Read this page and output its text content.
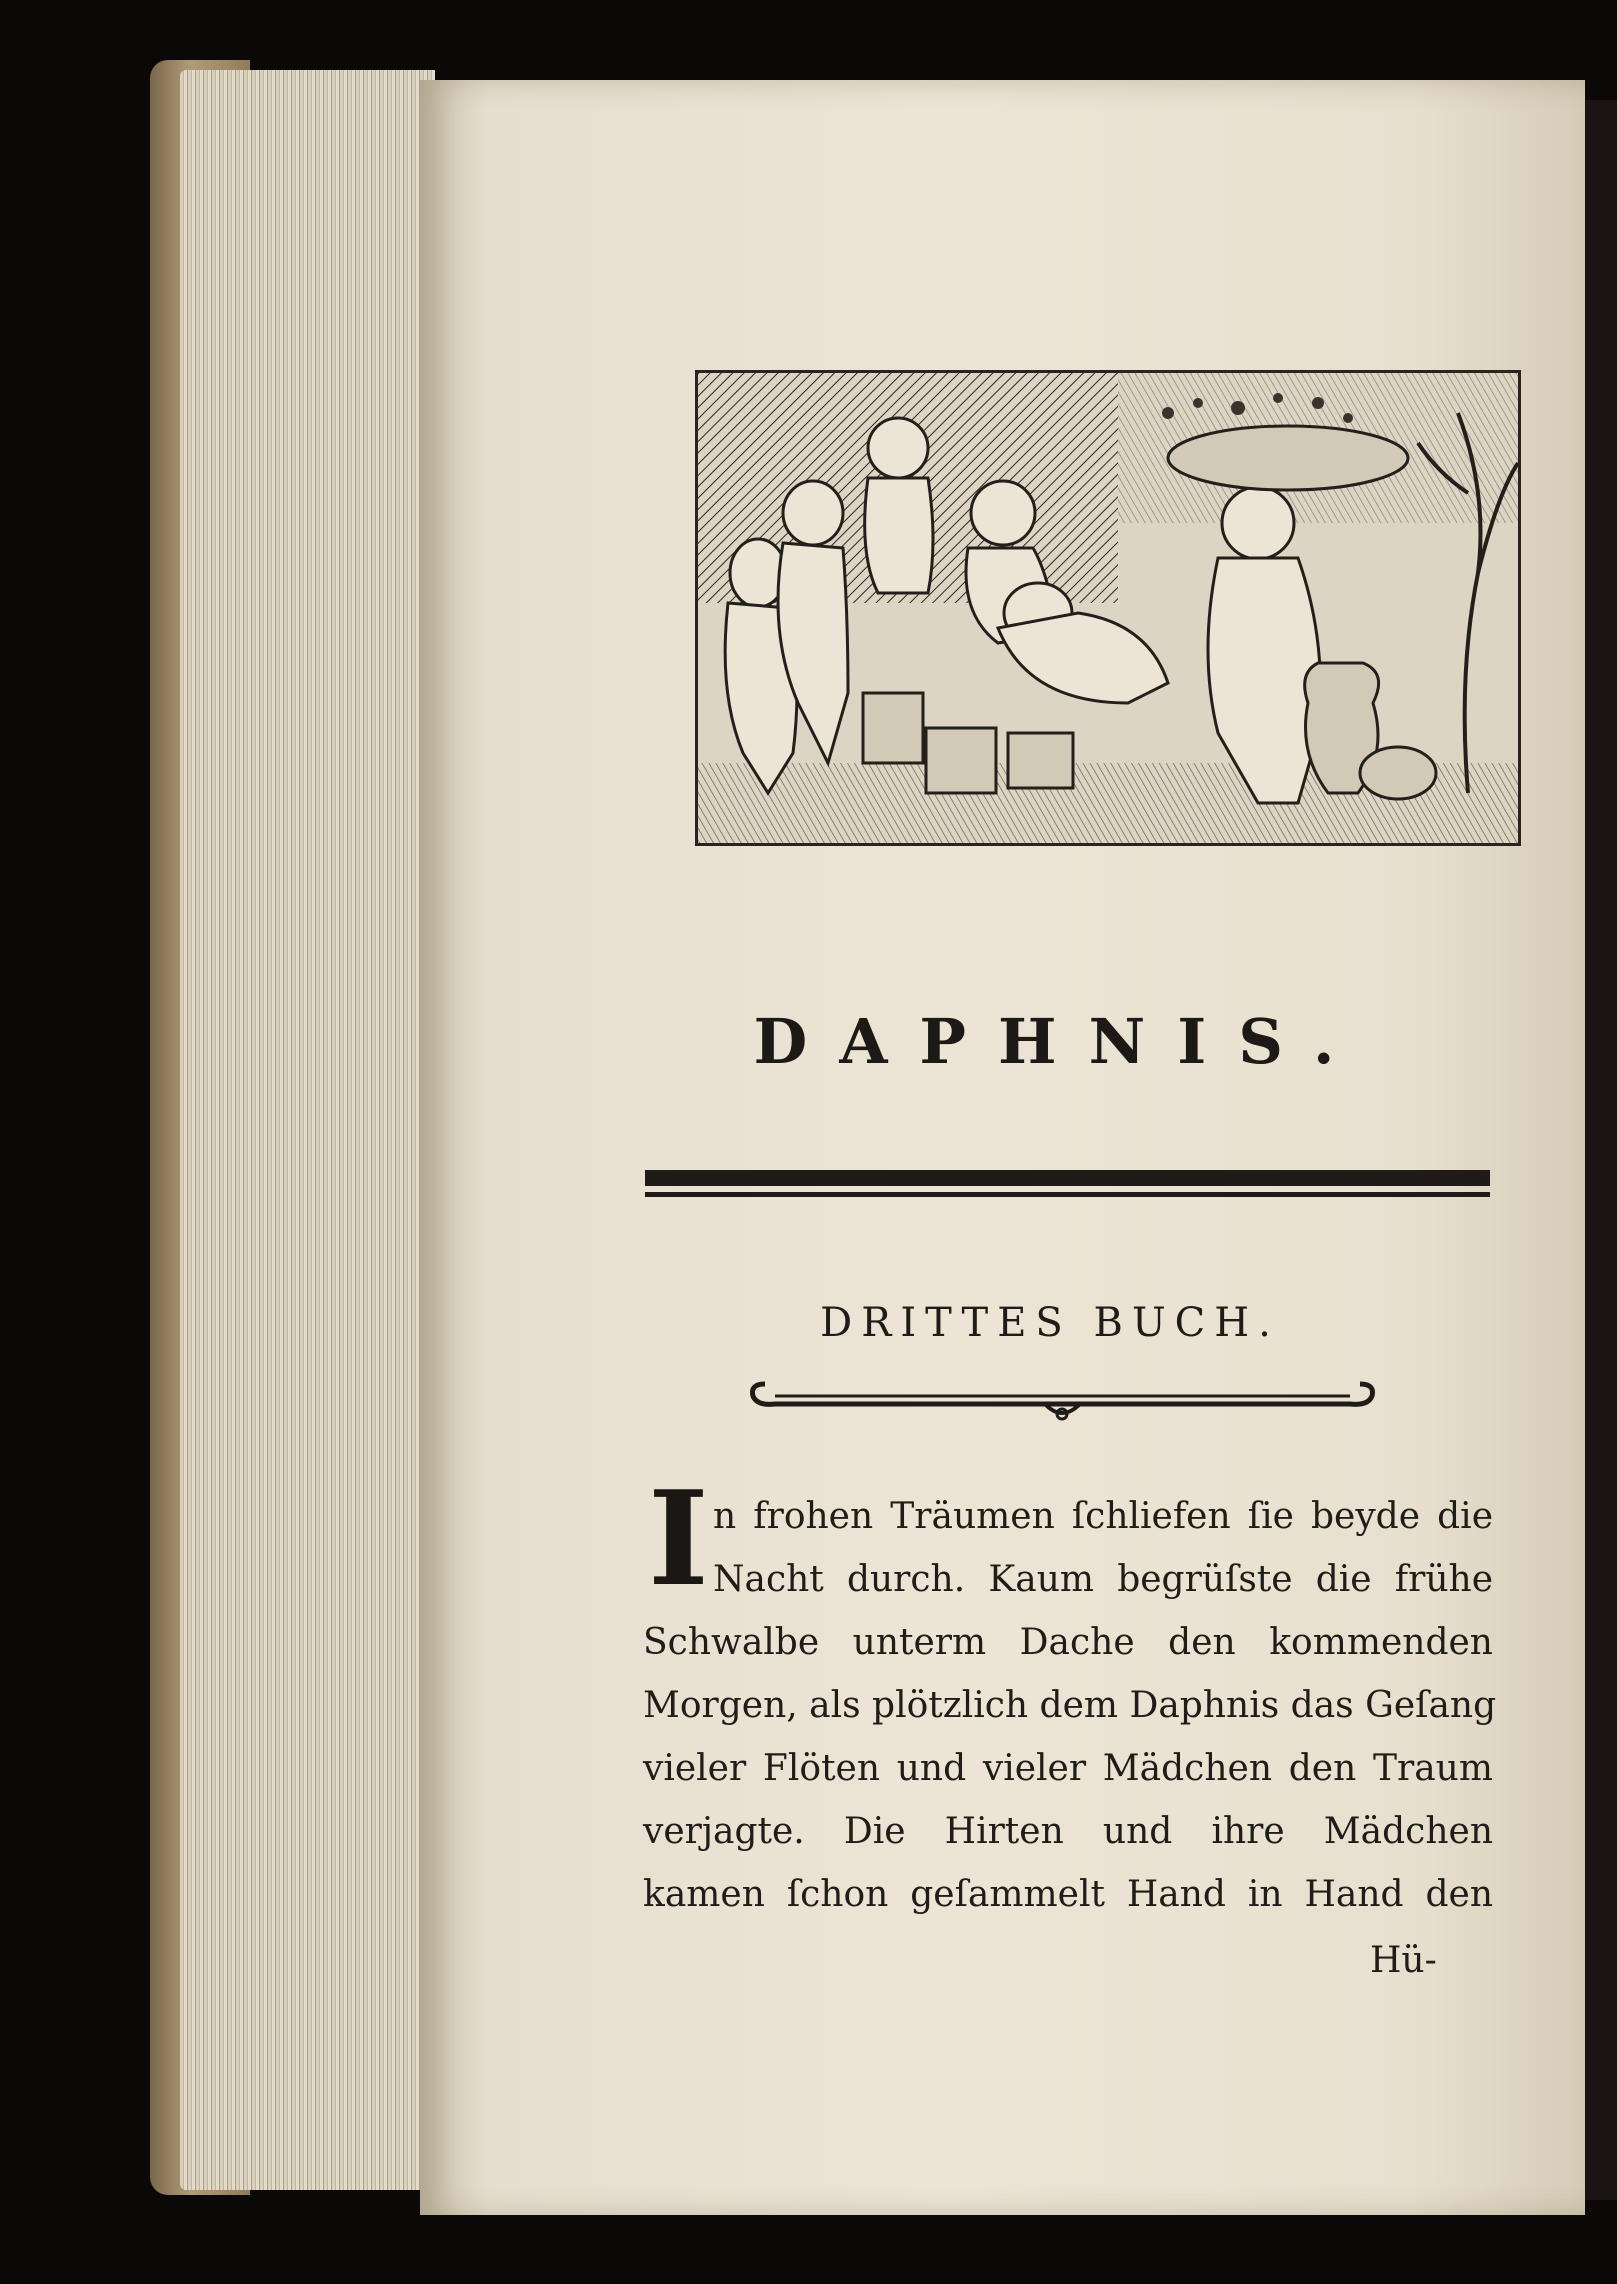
DAPHNIS.
DRITTES BUCH.
I n frohen Träumen ſchliefen ſie beyde die
Nacht durch. Kaum begrüſste die frühe
Schwalbe unterm Dache den kommenden
Morgen, als plötzlich dem Daphnis das Geſang
vieler Flöten und vieler Mädchen den Traum
verjagte. Die Hirten und ihre Mädchen
kamen ſchon geſammelt Hand in Hand den
Hü-
